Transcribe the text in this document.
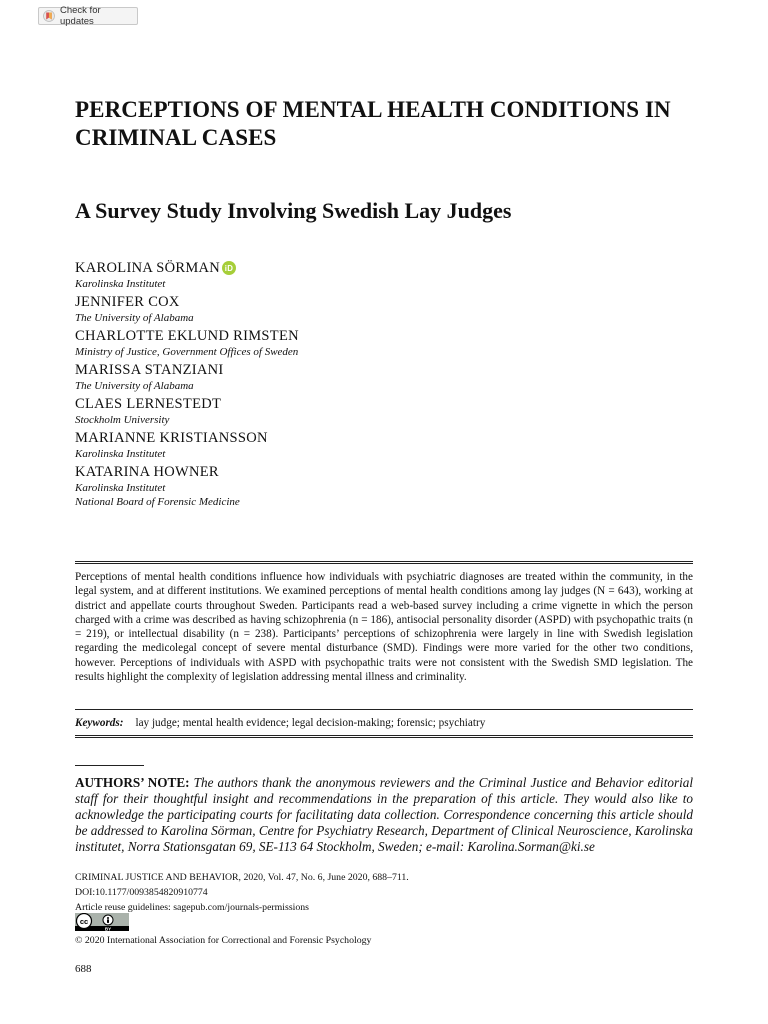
Check for updates
PERCEPTIONS OF MENTAL HEALTH CONDITIONS IN CRIMINAL CASES
A Survey Study Involving Swedish Lay Judges
KAROLINA SÖRMAN iD
Karolinska Institutet
JENNIFER COX
The University of Alabama
CHARLOTTE EKLUND RIMSTEN
Ministry of Justice, Government Offices of Sweden
MARISSA STANZIANI
The University of Alabama
CLAES LERNESTEDT
Stockholm University
MARIANNE KRISTIANSSON
Karolinska Institutet
KATARINA HOWNER
Karolinska Institutet
National Board of Forensic Medicine

Perceptions of mental health conditions influence how individuals with psychiatric diagnoses are treated within the community, in the legal system, and at different institutions. We examined perceptions of mental health conditions among lay judges (N = 643), working at district and appellate courts throughout Sweden. Participants read a web-based survey including a crime vignette in which the person charged with a crime was described as having schizophrenia (n = 186), antisocial personality disorder (ASPD) with psychopathic traits (n = 219), or intellectual disability (n = 238). Participants’ perceptions of schizophrenia were largely in line with Swedish legislation regarding the medicolegal concept of severe mental disturbance (SMD). Findings were more varied for the other two conditions, however. Perceptions of individuals with ASPD with psychopathic traits were not consistent with the Swedish SMD legislation. The results highlight the complexity of legislation addressing mental illness and criminality.

Keywords: lay judge; mental health evidence; legal decision-making; forensic; psychiatry

AUTHORS’ NOTE: The authors thank the anonymous reviewers and the Criminal Justice and Behavior editorial staff for their thoughtful insight and recommendations in the preparation of this article. They would also like to acknowledge the participating courts for facilitating data collection. Correspondence concerning this article should be addressed to Karolina Sörman, Centre for Psychiatry Research, Department of Clinical Neuroscience, Karolinska institutet, Norra Stationsgatan 69, SE-113 64 Stockholm, Sweden; e-mail: Karolina.Sorman@ki.se

CRIMINAL JUSTICE AND BEHAVIOR, 2020, Vol. 47, No. 6, June 2020, 688–711.
DOI:10.1177/0093854820910774
Article reuse guidelines: sagepub.com/journals-permissions
cc
BY
© 2020 International Association for Correctional and Forensic Psychology
688
